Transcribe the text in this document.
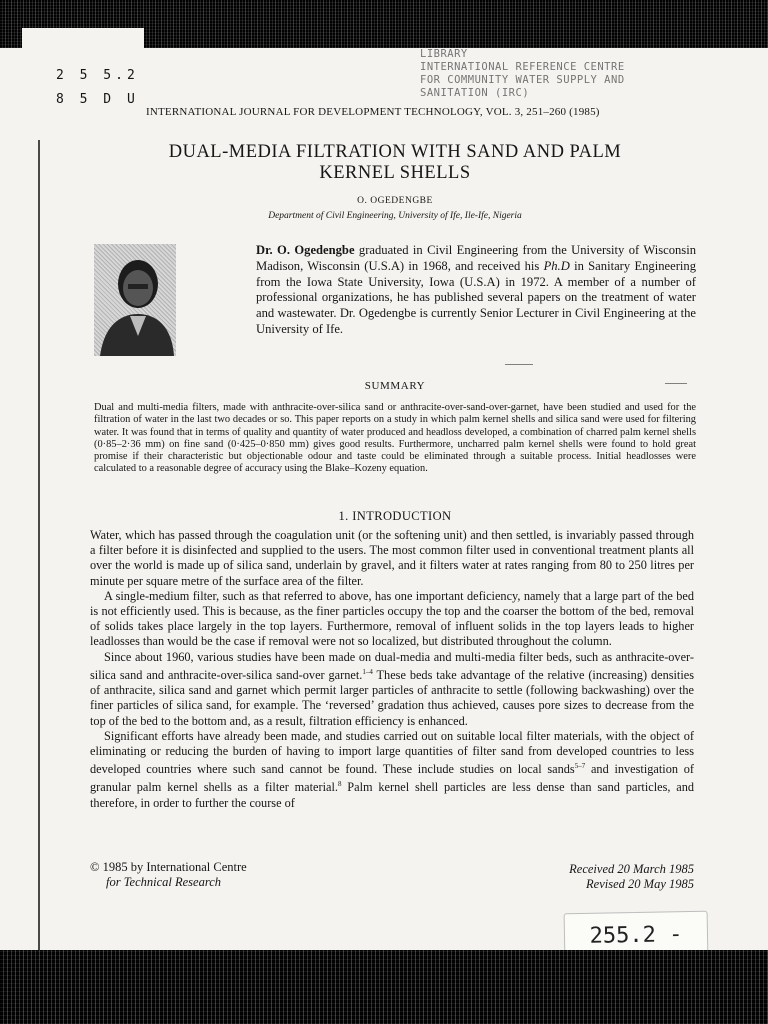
2 5 5.2
8 5 D U
LIBRARY
INTERNATIONAL REFERENCE CENTRE
FOR COMMUNITY WATER SUPPLY AND
SANITATION (IRC)
INTERNATIONAL JOURNAL FOR DEVELOPMENT TECHNOLOGY, VOL. 3, 251–260 (1985)
DUAL-MEDIA FILTRATION WITH SAND AND PALM
KERNEL SHELLS
O. OGEDENGBE
Department of Civil Engineering, University of Ife, Ile-Ife, Nigeria
Dr. O. Ogedengbe graduated in Civil Engineering from the University of Wisconsin Madison, Wisconsin (U.S.A) in 1968, and received his Ph.D in Sanitary Engineering from the Iowa State University, Iowa (U.S.A) in 1972. A member of a number of professional organizations, he has published several papers on the treatment of water and wastewater. Dr. Ogedengbe is currently Senior Lecturer in Civil Engineering at the University of Ife.
SUMMARY
Dual and multi-media filters, made with anthracite-over-silica sand or anthracite-over-sand-over-garnet, have been studied and used for the filtration of water in the last two decades or so. This paper reports on a study in which palm kernel shells and silica sand were used for filtering water. It was found that in terms of quality and quantity of water produced and headloss developed, a combination of charred palm kernel shells (0·85–2·36 mm) on fine sand (0·425–0·850 mm) gives good results. Furthermore, uncharred palm kernel shells were found to hold great promise if their characteristic but objectionable odour and taste could be eliminated through a suitable process. Initial headlosses were calculated to a reasonable degree of accuracy using the Blake–Kozeny equation.
1. INTRODUCTION

Water, which has passed through the coagulation unit (or the softening unit) and then settled, is invariably passed through a filter before it is disinfected and supplied to the users. The most common filter used in conventional treatment plants all over the world is made up of silica sand, underlain by gravel, and it filters water at rates ranging from 80 to 250 litres per minute per square metre of the surface area of the filter.

A single-medium filter, such as that referred to above, has one important deficiency, namely that a large part of the bed is not efficiently used. This is because, as the finer particles occupy the top and the coarser the bottom of the bed, removal of solids takes place largely in the top layers. Furthermore, removal of influent solids in the top layers leads to higher leadlosses than would be the case if removal were not so localized, but distributed throughout the column.

Since about 1960, various studies have been made on dual-media and multi-media filter beds, such as anthracite-over-silica sand and anthracite-over-silica sand-over garnet.$^{1-4}$ These beds take advantage of the relative (increasing) densities of anthracite, silica sand and garnet which permit larger particles of anthracite to settle (following backwashing) over the finer particles of silica sand, for example. The ‘reversed’ gradation thus achieved, causes pore sizes to decrease from the top of the bed to the bottom and, as a result, filtration efficiency is enhanced.

Significant efforts have already been made, and studies carried out on suitable local filter materials, with the object of eliminating or reducing the burden of having to import large quantities of filter sand from developed countries to less developed countries where such sand cannot be found. These include studies on local sands$^{5-7}$ and investigation of granular palm kernel shells as a filter material.$^8$ Palm kernel shell particles are less dense than sand particles, and therefore, in order to further the course of

© 1985 by International Centre
for Technical Research
Received 20 March 1985
Revised 20 May 1985
255.2 -
